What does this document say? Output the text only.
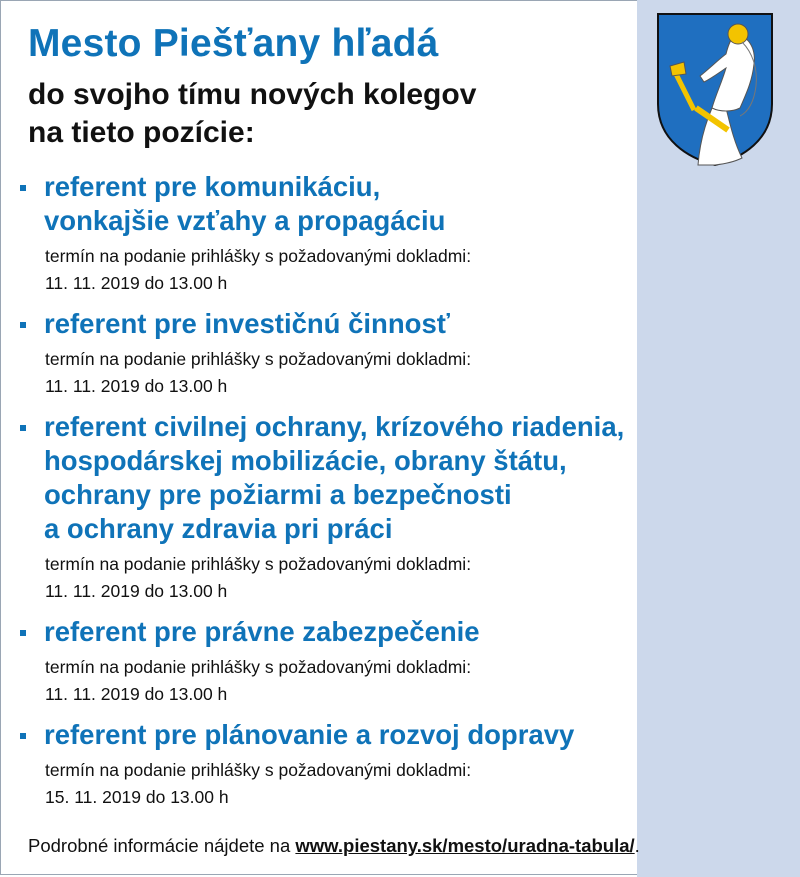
Mesto Piešťany hľadá
do svojho tímu nových kolegov
na tieto pozície:
referent pre komunikáciu,
vonkajšie vzťahy a propagáciu
termín na podanie prihlášky s požadovanými dokladmi:
11. 11. 2019 do 13.00 h
referent pre investičnú činnosť
termín na podanie prihlášky s požadovanými dokladmi:
11. 11. 2019 do 13.00 h
referent civilnej ochrany, krízového riadenia,
hospodárskej mobilizácie, obrany štátu,
ochrany pre požiarmi a bezpečnosti
a ochrany zdravia pri práci
termín na podanie prihlášky s požadovanými dokladmi:
11. 11. 2019 do 13.00 h
referent pre právne zabezpečenie
termín na podanie prihlášky s požadovanými dokladmi:
11. 11. 2019 do 13.00 h
referent pre plánovanie a rozvoj dopravy
termín na podanie prihlášky s požadovanými dokladmi:
15. 11. 2019 do 13.00 h
Podrobné informácie nájdete na www.piestany.sk/mesto/uradna-tabula/.
